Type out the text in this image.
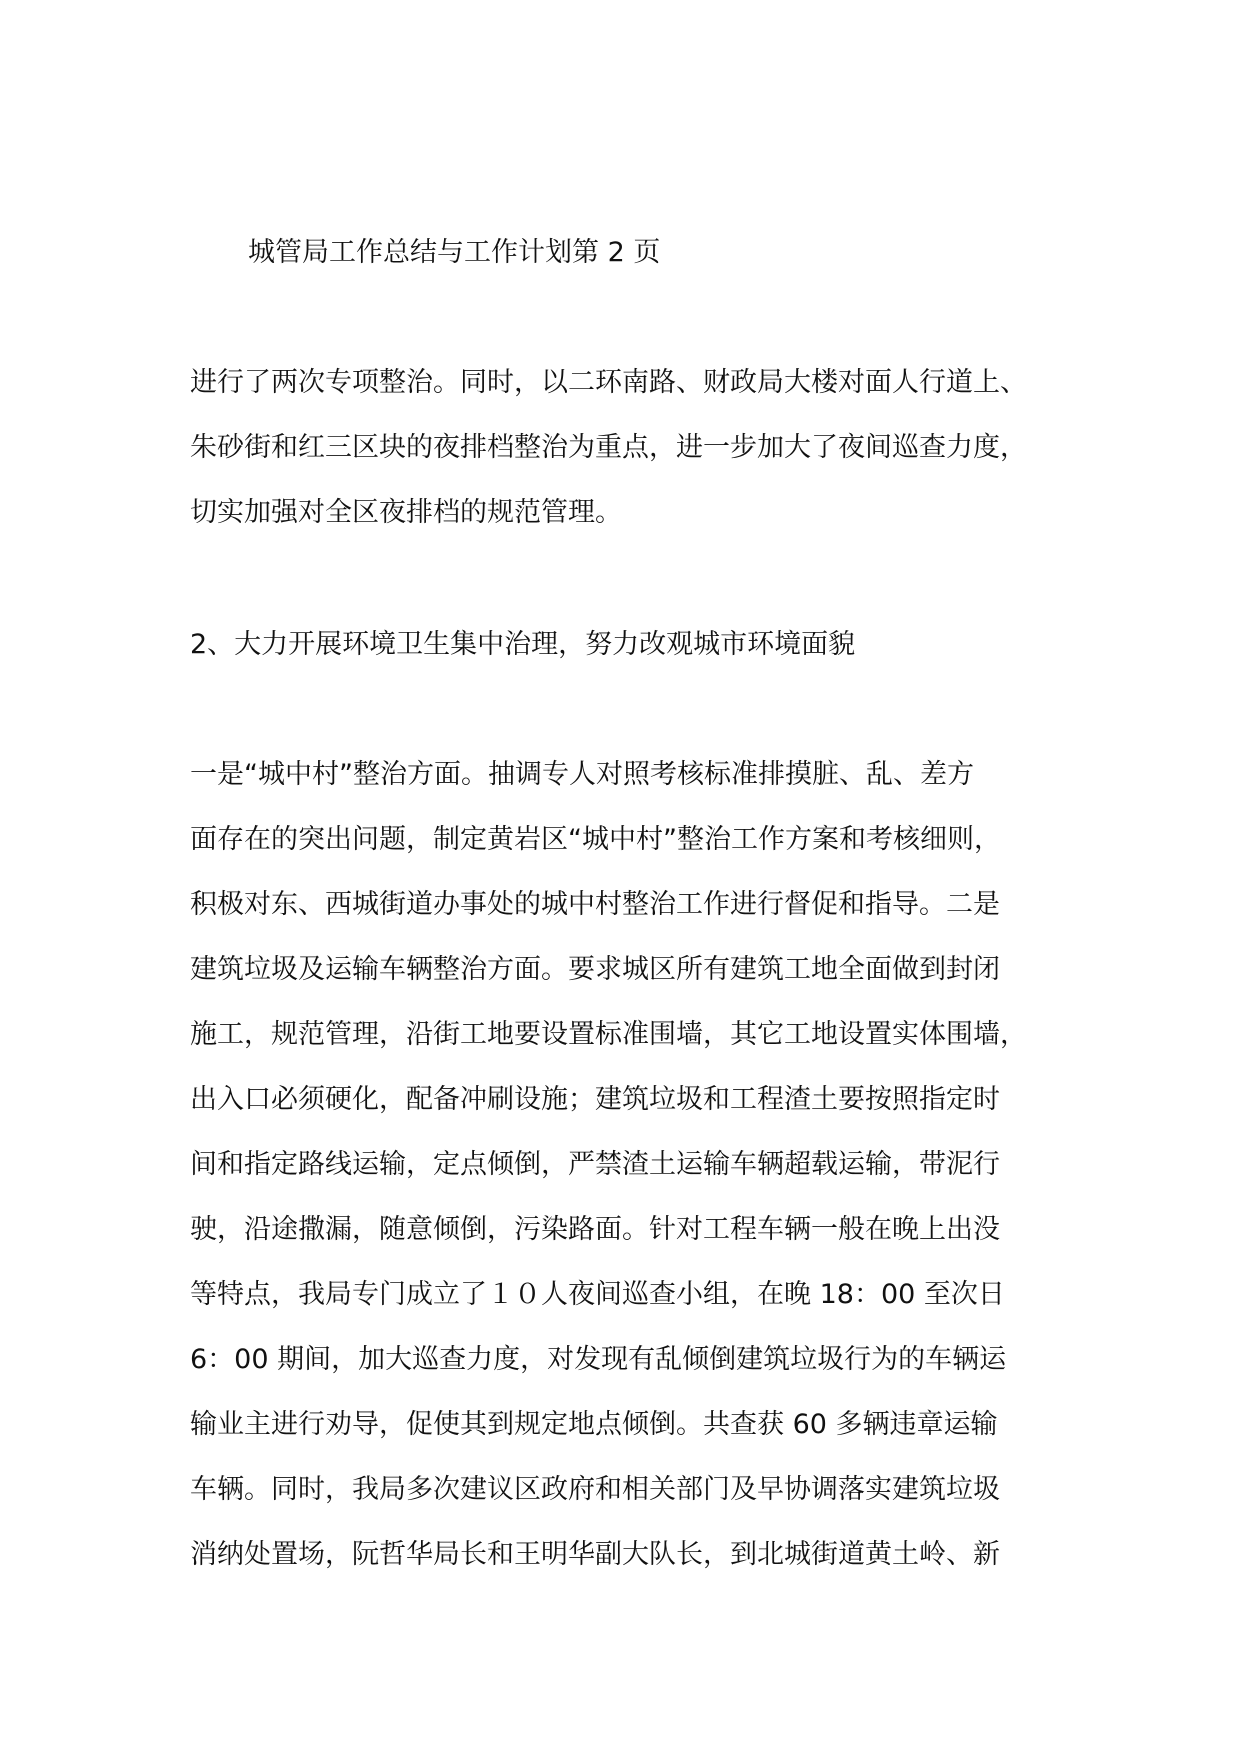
城管局工作总结与工作计划第 2 页

进行了两次专项整治。同时，以二环南路、财政局大楼对面人行道上、
朱砂街和红三区块的夜排档整治为重点，进一步加大了夜间巡查力度，
切实加强对全区夜排档的规范管理。

2、大力开展环境卫生集中治理，努力改观城市环境面貌

一是“城中村”整治方面。抽调专人对照考核标准排摸脏、乱、差方
面存在的突出问题，制定黄岩区“城中村”整治工作方案和考核细则，
积极对东、西城街道办事处的城中村整治工作进行督促和指导。二是
建筑垃圾及运输车辆整治方面。要求城区所有建筑工地全面做到封闭
施工，规范管理，沿街工地要设置标准围墙，其它工地设置实体围墙，
出入口必须硬化，配备冲刷设施；建筑垃圾和工程渣土要按照指定时
间和指定路线运输，定点倾倒，严禁渣土运输车辆超载运输，带泥行
驶，沿途撒漏，随意倾倒，污染路面。针对工程车辆一般在晚上出没
等特点，我局专门成立了１０人夜间巡查小组，在晚 18：00 至次日
6：00 期间，加大巡查力度，对发现有乱倾倒建筑垃圾行为的车辆运
输业主进行劝导，促使其到规定地点倾倒。共查获 60 多辆违章运输
车辆。同时，我局多次建议区政府和相关部门及早协调落实建筑垃圾
消纳处置场，阮哲华局长和王明华副大队长，到北城街道黄土岭、新
